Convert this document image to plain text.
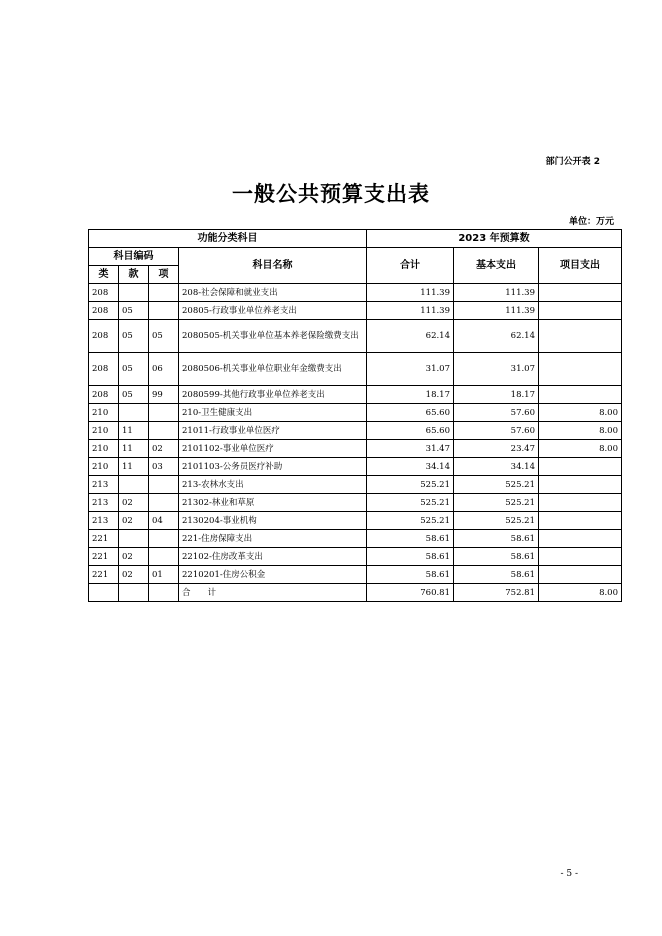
部门公开表 2
一般公共预算支出表
单位：万元
功能分类科目				2023 年预算数		
科目编码			科目名称	合计	基本支出	项目支出
类	款	项				
208			208-社会保障和就业支出	111.39	111.39	
208	05		20805-行政事业单位养老支出	111.39	111.39	
208	05	05	2080505-机关事业单位基本养老保险缴费支出	62.14	62.14	
208	05	06	2080506-机关事业单位职业年金缴费支出	31.07	31.07	
208	05	99	2080599-其他行政事业单位养老支出	18.17	18.17	
210			210-卫生健康支出	65.60	57.60	8.00
210	11		21011-行政事业单位医疗	65.60	57.60	8.00
210	11	02	2101102-事业单位医疗	31.47	23.47	8.00
210	11	03	2101103-公务员医疗补助	34.14	34.14	
213			213-农林水支出	525.21	525.21	
213	02		21302-林业和草原	525.21	525.21	
213	02	04	2130204-事业机构	525.21	525.21	
221			221-住房保障支出	58.61	58.61	
221	02		22102-住房改革支出	58.61	58.61	
221	02	01	2210201-住房公积金	58.61	58.61	
			合　　计	760.81	752.81	8.00
- 5 -
